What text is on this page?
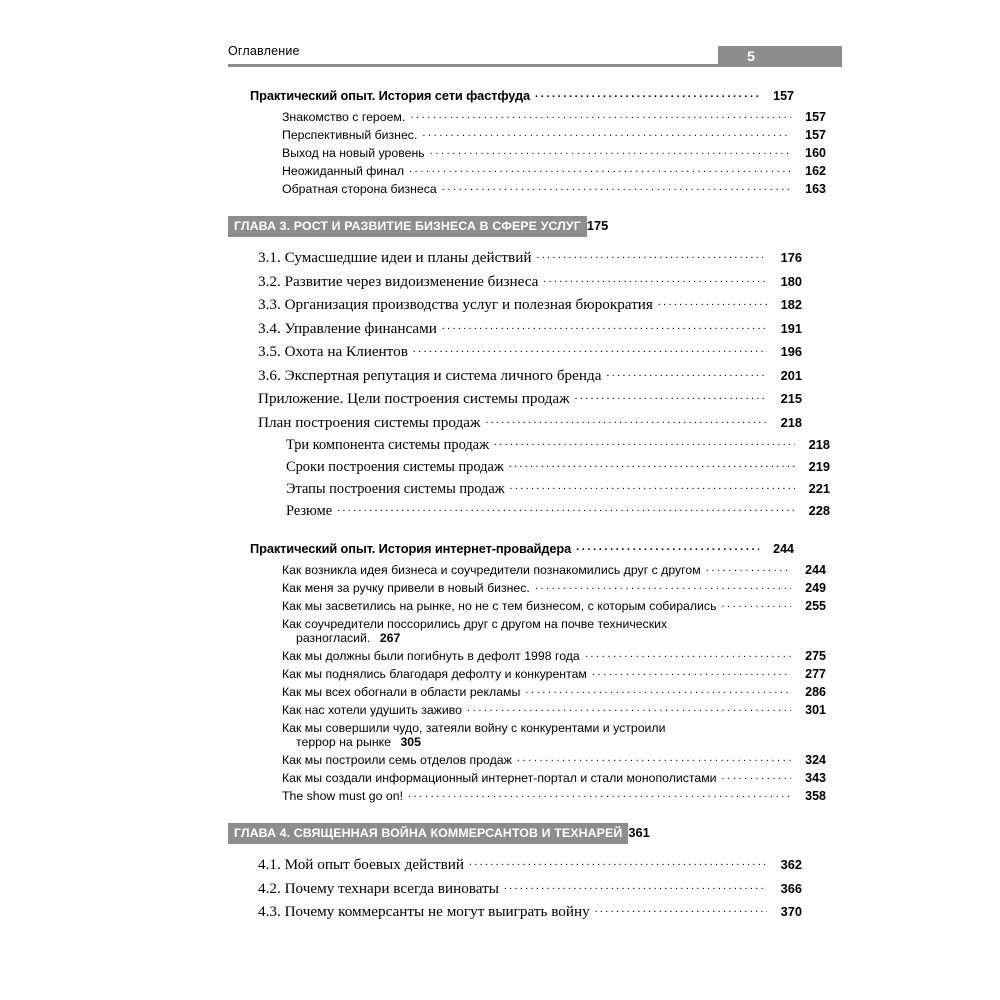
Оглавление	5
Практический опыт. История сети фастфуда .....	157
Знакомство с героем. .....	157
Перспективный бизнес. .....	157
Выход на новый уровень .....	160
Неожиданный финал .....	162
Обратная сторона бизнеса .....	163
ГЛАВА 3. РОСТ И РАЗВИТИЕ БИЗНЕСА В СФЕРЕ УСЛУГ 175
3.1. Сумасшедшие идеи и планы действий .....	176
3.2. Развитие через видоизменение бизнеса .....	180
3.3. Организация производства услуг и полезная бюрократия .....	182
3.4. Управление финансами .....	191
3.5. Охота на Клиентов .....	196
3.6. Экспертная репутация и система личного бренда .....	201
Приложение. Цели построения системы продаж .....	215
План построения системы продаж .....	218
Три компонента системы продаж .....	218
Сроки построения системы продаж .....	219
Этапы построения системы продаж .....	221
Резюме .....	228
Практический опыт. История интернет-провайдера .....	244
Как возникла идея бизнеса и соучредители познакомились друг с другом .....	244
Как меня за ручку привели в новый бизнес. .....	249
Как мы засветились на рынке, но не с тем бизнесом, с которым собирались .....	255
Как соучредители поссорились друг с другом на почве технических
разногласий. 267
Как мы должны были погибнуть в дефолт 1998 года .....	275
Как мы поднялись благодаря дефолту и конкурентам .....	277
Как мы всех обогнали в области рекламы .....	286
Как нас хотели удушить заживо .....	301
Как мы совершили чудо, затеяли войну с конкурентами и устроили
террор на рынке 305
Как мы построили семь отделов продаж .....	324
Как мы создали информационный интернет-портал и стали монополистами .....	343
The show must go on! .....	358
ГЛАВА 4. СВЯЩЕННАЯ ВОЙНА КОММЕРСАНТОВ И ТЕХНАРЕЙ 361
4.1. Мой опыт боевых действий .....	362
4.2. Почему технари всегда виноваты .....	366
4.3. Почему коммерсанты не могут выиграть войну .....	370
